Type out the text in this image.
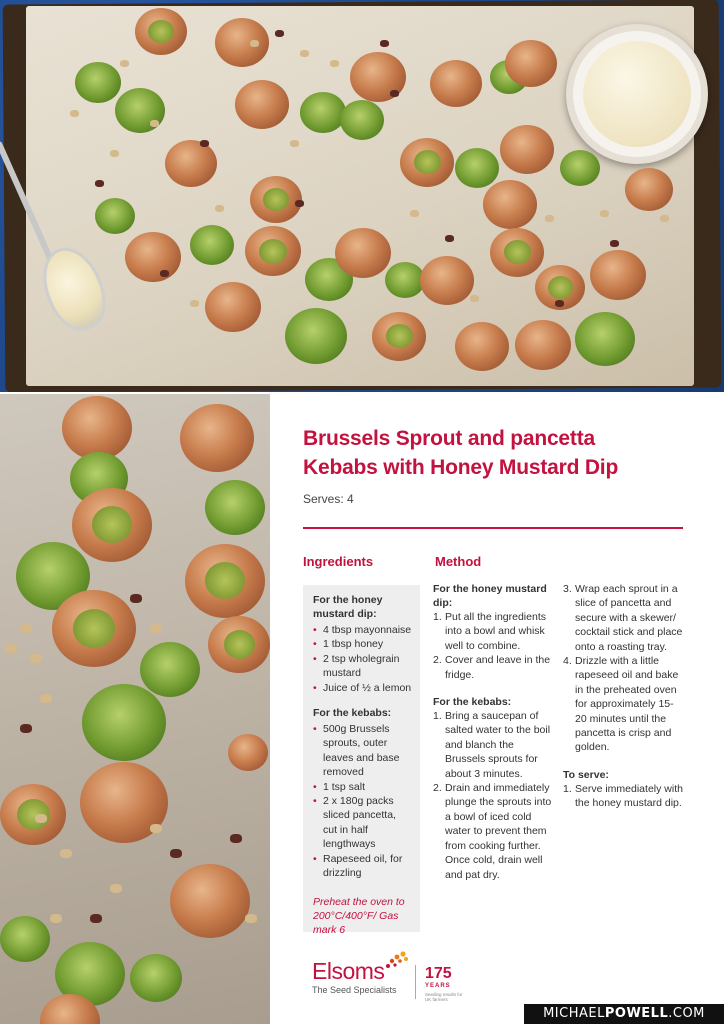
Brussels Sprout and pancetta
Kebabs with Honey Mustard Dip
Serves: 4
Ingredients	Method
For the honey mustard dip:
• 4 tbsp mayonnaise
• 1 tbsp honey
• 2 tsp wholegrain mustard
• Juice of ½ a lemon
For the kebabs:
• 500g Brussels sprouts, outer leaves and base removed
• 1 tsp salt
• 2 x 180g packs sliced pancetta, cut in half lengthways
• Rapeseed oil, for drizzling
Preheat the oven to 200°C/400°F/ Gas mark 6
For the honey mustard dip:
1. Put all the ingredients into a bowl and whisk well to combine.
2. Cover and leave in the fridge.
For the kebabs:
1. Bring a saucepan of salted water to the boil and blanch the Brussels sprouts for about 3 minutes.
2. Drain and immediately plunge the sprouts into a bowl of iced cold water to prevent them from cooking further. Once cold, drain well and pat dry.
3. Wrap each sprout in a slice of pancetta and secure with a skewer/ cocktail stick and place onto a roasting tray.
4. Drizzle with a little rapeseed oil and bake in the preheated oven for approximately 15-20 minutes until the pancetta is crisp and golden.
To serve:
1. Serve immediately with the honey mustard dip.
Elsoms
The Seed Specialists
175
YEARS
Seeding results for UK farmers
MICHAELPOWELL.COM
